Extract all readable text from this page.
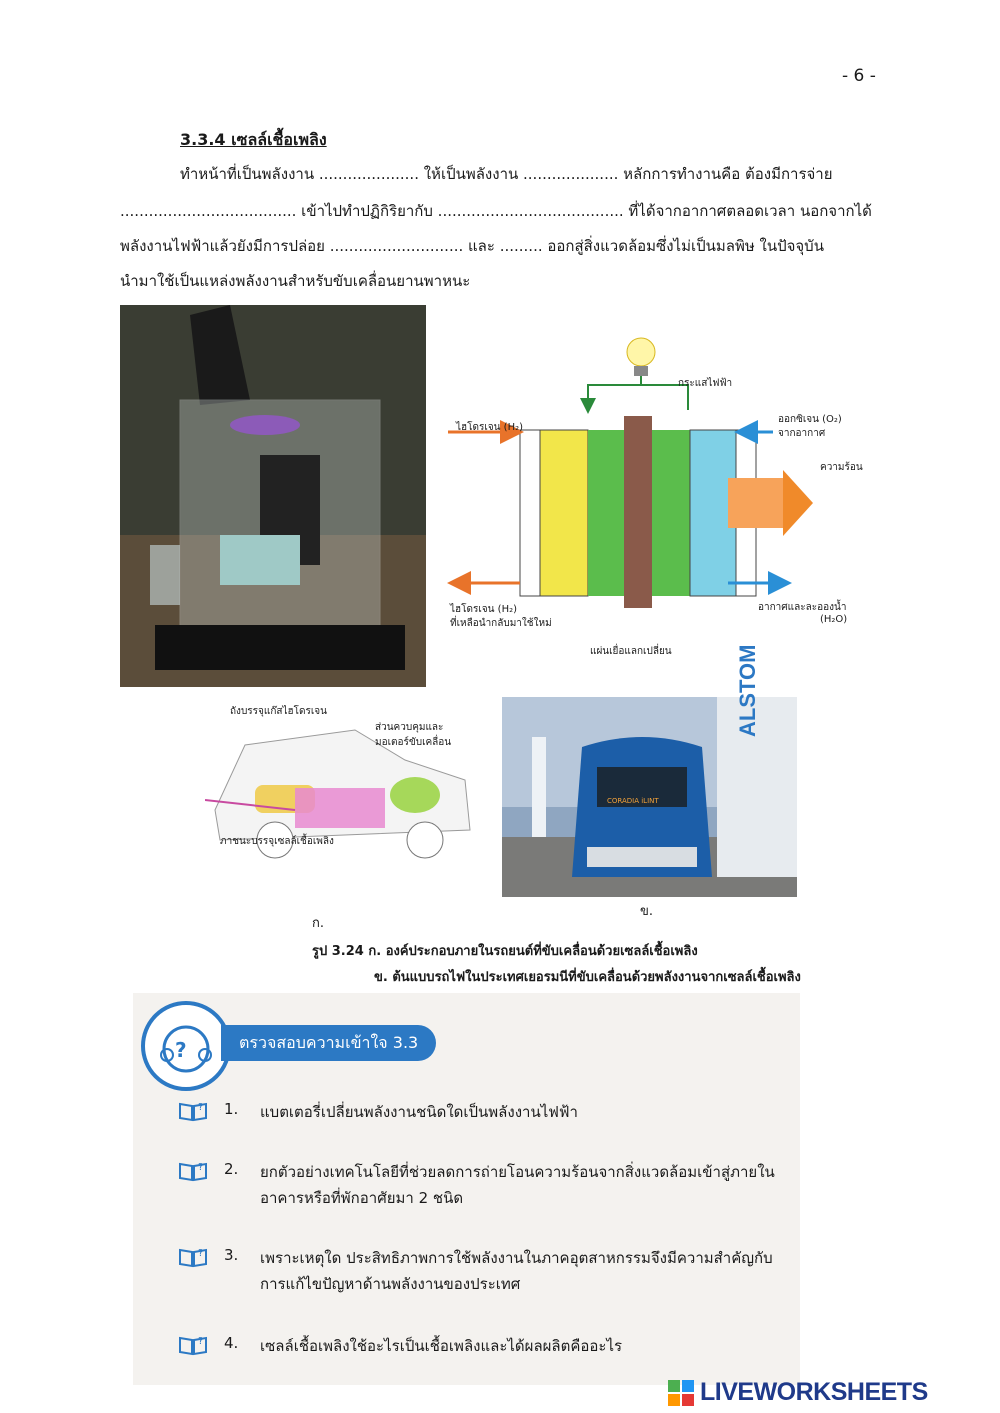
- 6 -
3.3.4 เซลล์เชื้อเพลิง
ทำหน้าที่เป็นพลังงาน ..................... ให้เป็นพลังงาน .................... หลักการทำงานคือ ต้องมีการจ่าย
..................................... เข้าไปทำปฏิกิริยากับ ....................................... ที่ได้จากอากาศตลอดเวลา นอกจากได้
พลังงานไฟฟ้าแล้วยังมีการปล่อย ............................ และ ......... ออกสู่สิ่งแวดล้อมซึ่งไม่เป็นมลพิษ ในปัจจุบัน
นำมาใช้เป็นแหล่งพลังงานสำหรับขับเคลื่อนยานพาหนะ
กระแสไฟฟ้า
ไฮโดรเจน (H₂)
ออกซิเจน (O₂)
จากอากาศ
ความร้อน
ไฮโดรเจน (H₂)
ที่เหลือนำกลับมาใช้ใหม่
อากาศและละอองน้ำ
(H₂O)
แผ่นเยื่อแลกเปลี่ยน
ถังบรรจุแก๊สไฮโดรเจน
ส่วนควบคุมและมอเตอร์ขับเคลื่อน
ภาชนะบรรจุเซลล์เชื้อเพลิง
ALSTOM
CORADIA iLINT
ก.
ข.
รูป 3.24 ก. องค์ประกอบภายในรถยนต์ที่ขับเคลื่อนด้วยเซลล์เชื้อเพลิง
ข. ต้นแบบรถไฟในประเทศเยอรมนีที่ขับเคลื่อนด้วยพลังงานจากเซลล์เชื้อเพลิง
?	ตรวจสอบความเข้าใจ 3.3
? 1. แบตเตอรี่เปลี่ยนพลังงานชนิดใดเป็นพลังงานไฟฟ้า
? 2. ยกตัวอย่างเทคโนโลยีที่ช่วยลดการถ่ายโอนความร้อนจากสิ่งแวดล้อมเข้าสู่ภายใน
อาคารหรือที่พักอาศัยมา 2 ชนิด
? 3. เพราะเหตุใด ประสิทธิภาพการใช้พลังงานในภาคอุตสาหกรรมจึงมีความสำคัญกับ
การแก้ไขปัญหาด้านพลังงานของประเทศ
? 4. เซลล์เชื้อเพลิงใช้อะไรเป็นเชื้อเพลิงและได้ผลผลิตคืออะไร
LIVEWORKSHEETS
